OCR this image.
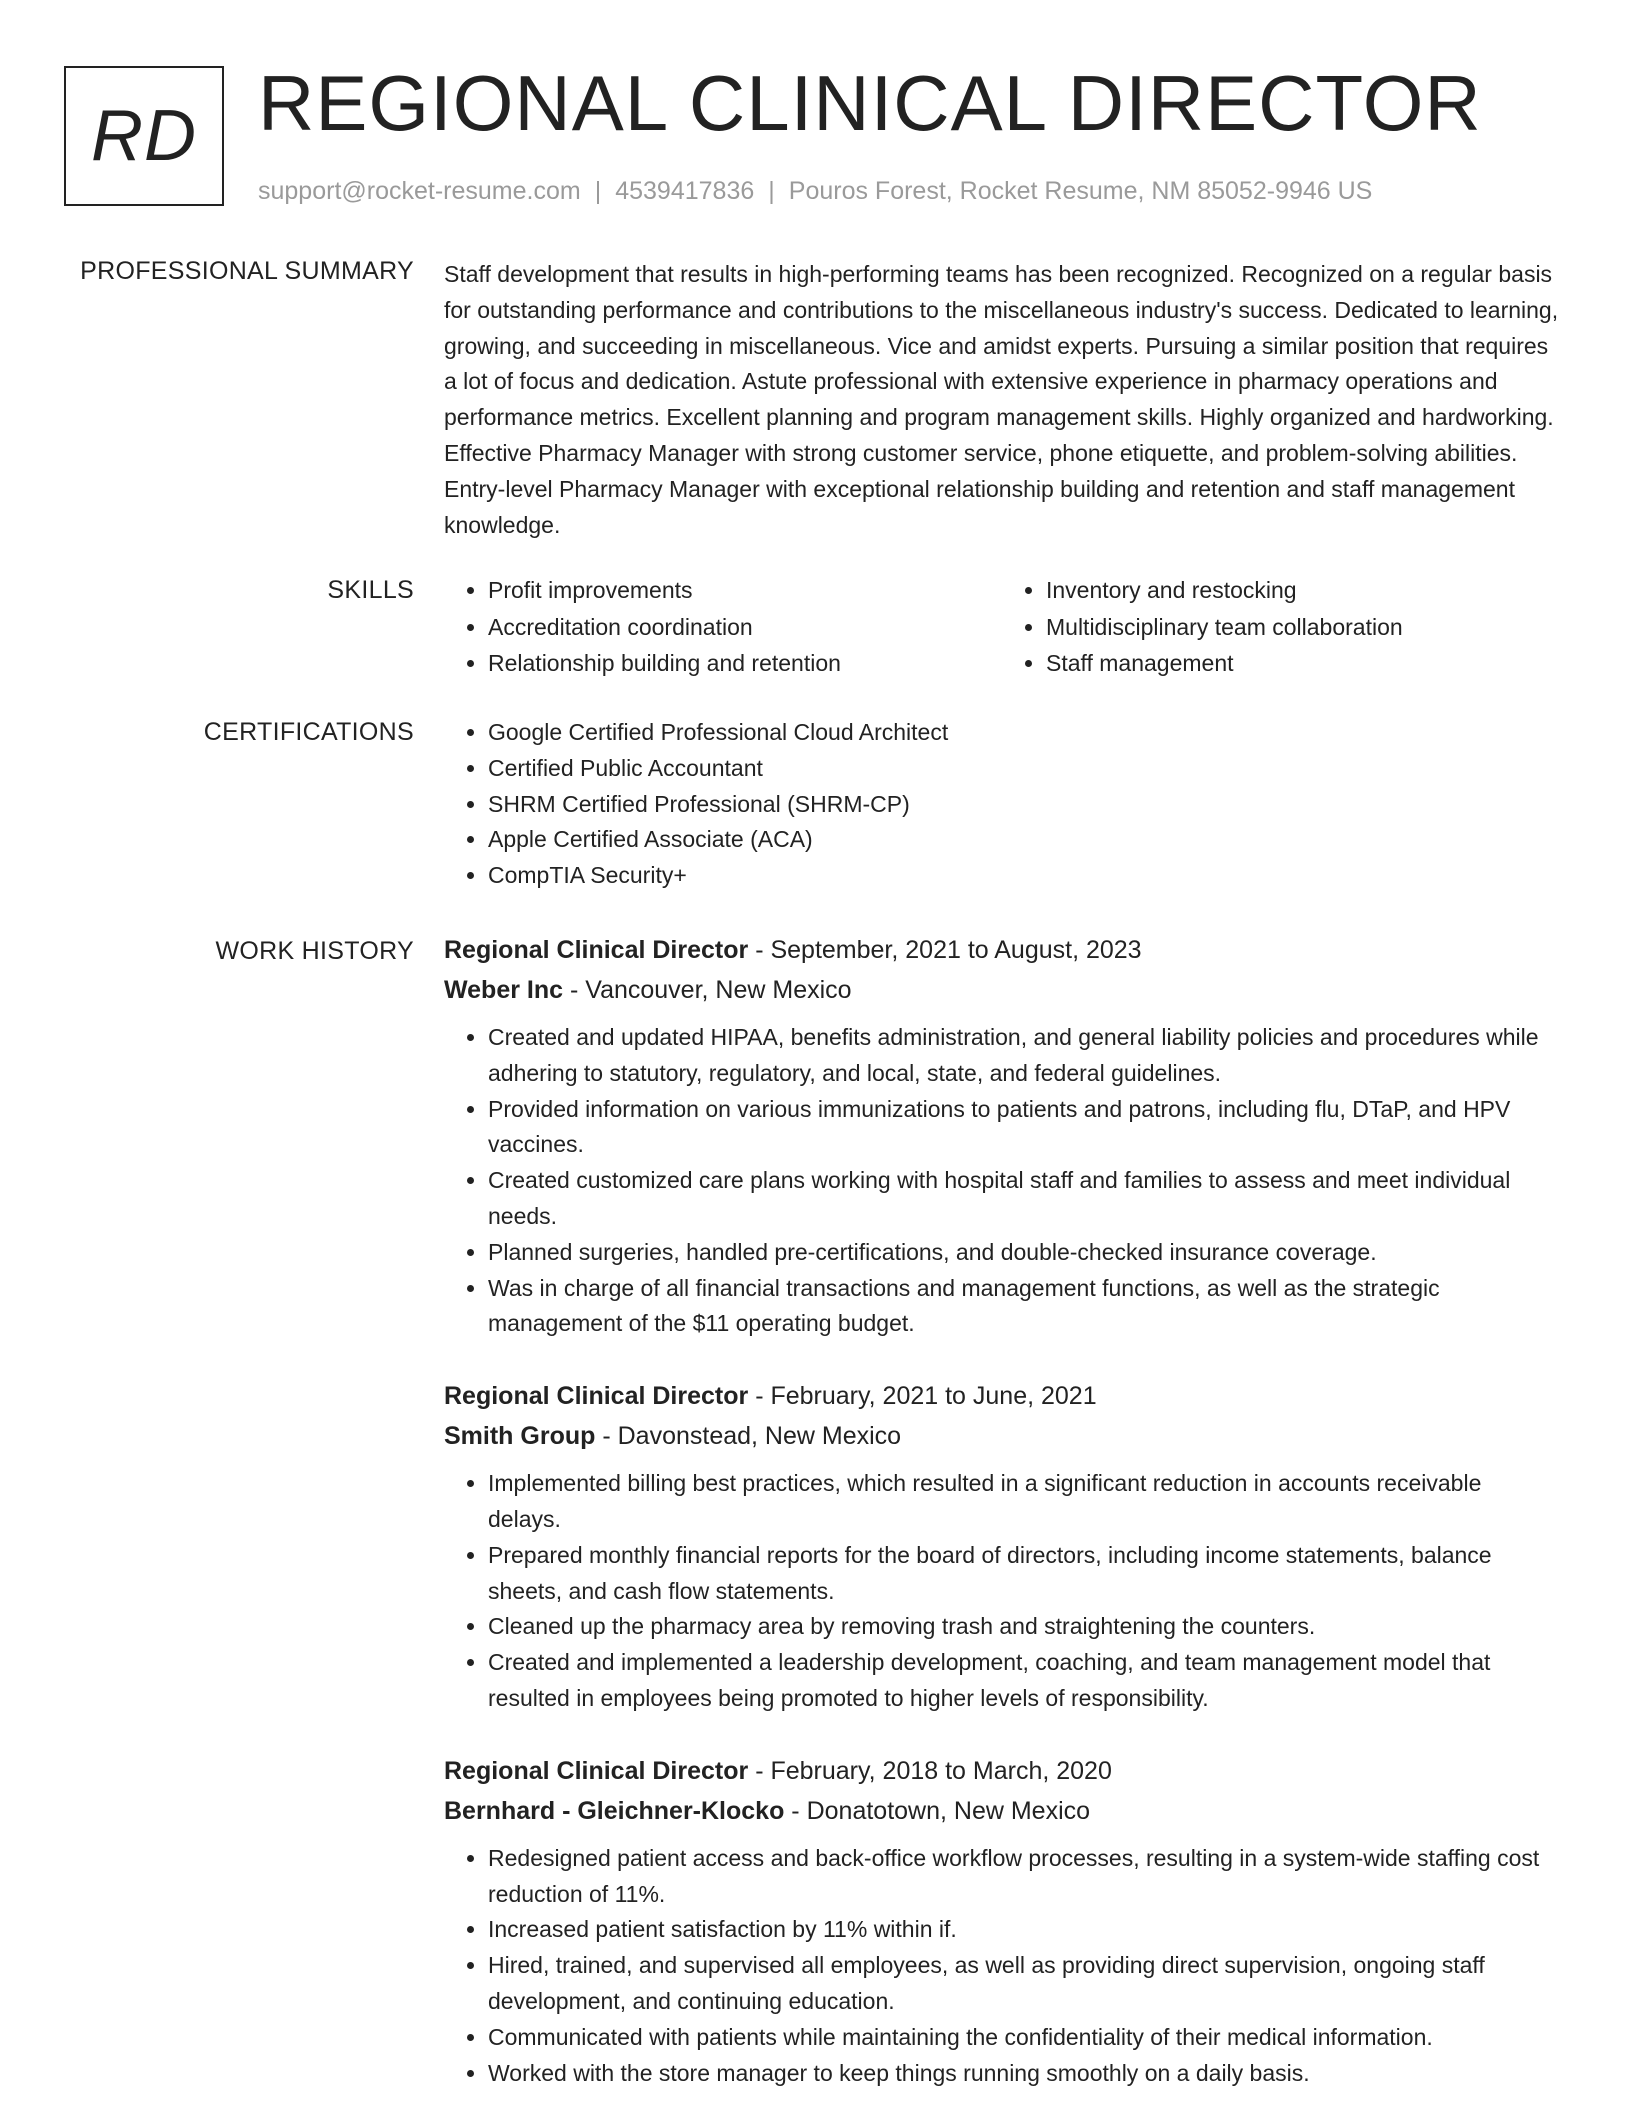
RD REGIONAL CLINICAL DIRECTOR
support@rocket-resume.com | 4539417836 | Pouros Forest, Rocket Resume, NM 85052-9946 US
PROFESSIONAL SUMMARY Staff development that results in high-performing teams has been recognized. Recognized on a regular basis for outstanding performance and contributions to the miscellaneous industry's success. Dedicated to learning, growing, and succeeding in miscellaneous. Vice and amidst experts. Pursuing a similar position that requires a lot of focus and dedication. Astute professional with extensive experience in pharmacy operations and performance metrics. Excellent planning and program management skills. Highly organized and hardworking. Effective Pharmacy Manager with strong customer service, phone etiquette, and problem-solving abilities. Entry-level Pharmacy Manager with exceptional relationship building and retention and staff management knowledge.

SKILLS	• Profit improvements
• Accreditation coordination
• Relationship building and retention
• Inventory and restocking
• Multidisciplinary team collaboration
• Staff management
CERTIFICATIONS	• Google Certified Professional Cloud Architect
• Certified Public Accountant
• SHRM Certified Professional (SHRM-CP)
• Apple Certified Associate (ACA)
• CompTIA Security+
WORK HISTORY Regional Clinical Director - September, 2021 to August, 2023
Weber Inc - Vancouver, New Mexico
• Created and updated HIPAA, benefits administration, and general liability policies and procedures while adhering to statutory, regulatory, and local, state, and federal guidelines.
• Provided information on various immunizations to patients and patrons, including flu, DTaP, and HPV vaccines.
• Created customized care plans working with hospital staff and families to assess and meet individual needs.
• Planned surgeries, handled pre-certifications, and double-checked insurance coverage.
• Was in charge of all financial transactions and management functions, as well as the strategic management of the $11 operating budget.
Regional Clinical Director - February, 2021 to June, 2021
Smith Group - Davonstead, New Mexico
• Implemented billing best practices, which resulted in a significant reduction in accounts receivable delays.
• Prepared monthly financial reports for the board of directors, including income statements, balance sheets, and cash flow statements.
• Cleaned up the pharmacy area by removing trash and straightening the counters.
• Created and implemented a leadership development, coaching, and team management model that resulted in employees being promoted to higher levels of responsibility.
Regional Clinical Director - February, 2018 to March, 2020
Bernhard - Gleichner-Klocko - Donatotown, New Mexico
• Redesigned patient access and back-office workflow processes, resulting in a system-wide staffing cost reduction of 11%.
• Increased patient satisfaction by 11% within if.
• Hired, trained, and supervised all employees, as well as providing direct supervision, ongoing staff development, and continuing education.
• Communicated with patients while maintaining the confidentiality of their medical information.
• Worked with the store manager to keep things running smoothly on a daily basis.
